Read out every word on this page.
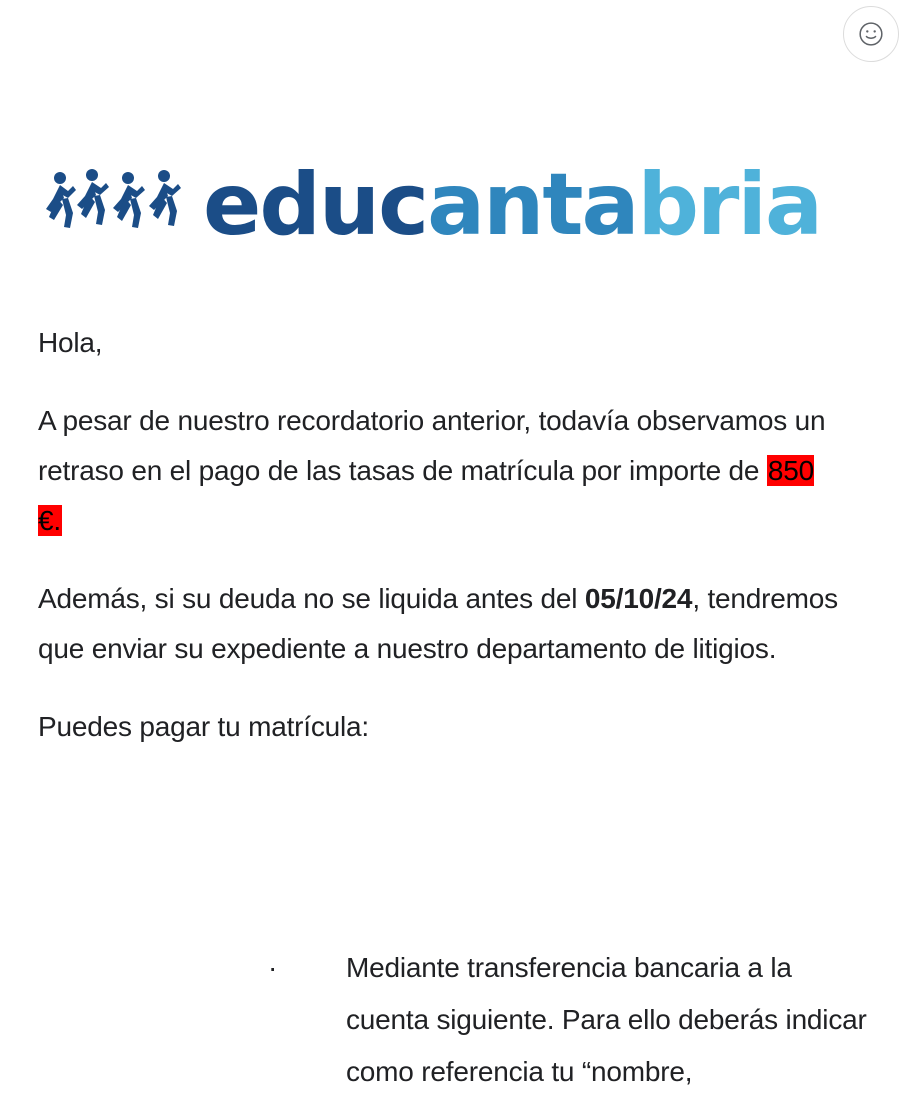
educ anta bria

Hola,

A pesar de nuestro recordatorio anterior, todavía observamos un retraso en el pago de las tasas de matrícula por importe de 850 €.

Además, si su deuda no se liquida antes del 05/10/24, tendremos que enviar su expediente a nuestro departamento de litigios.

Puedes pagar tu matrícula:

·	Mediante transferencia bancaria a la cuenta siguiente. Para ello deberás indicar como referencia tu “nombre,
